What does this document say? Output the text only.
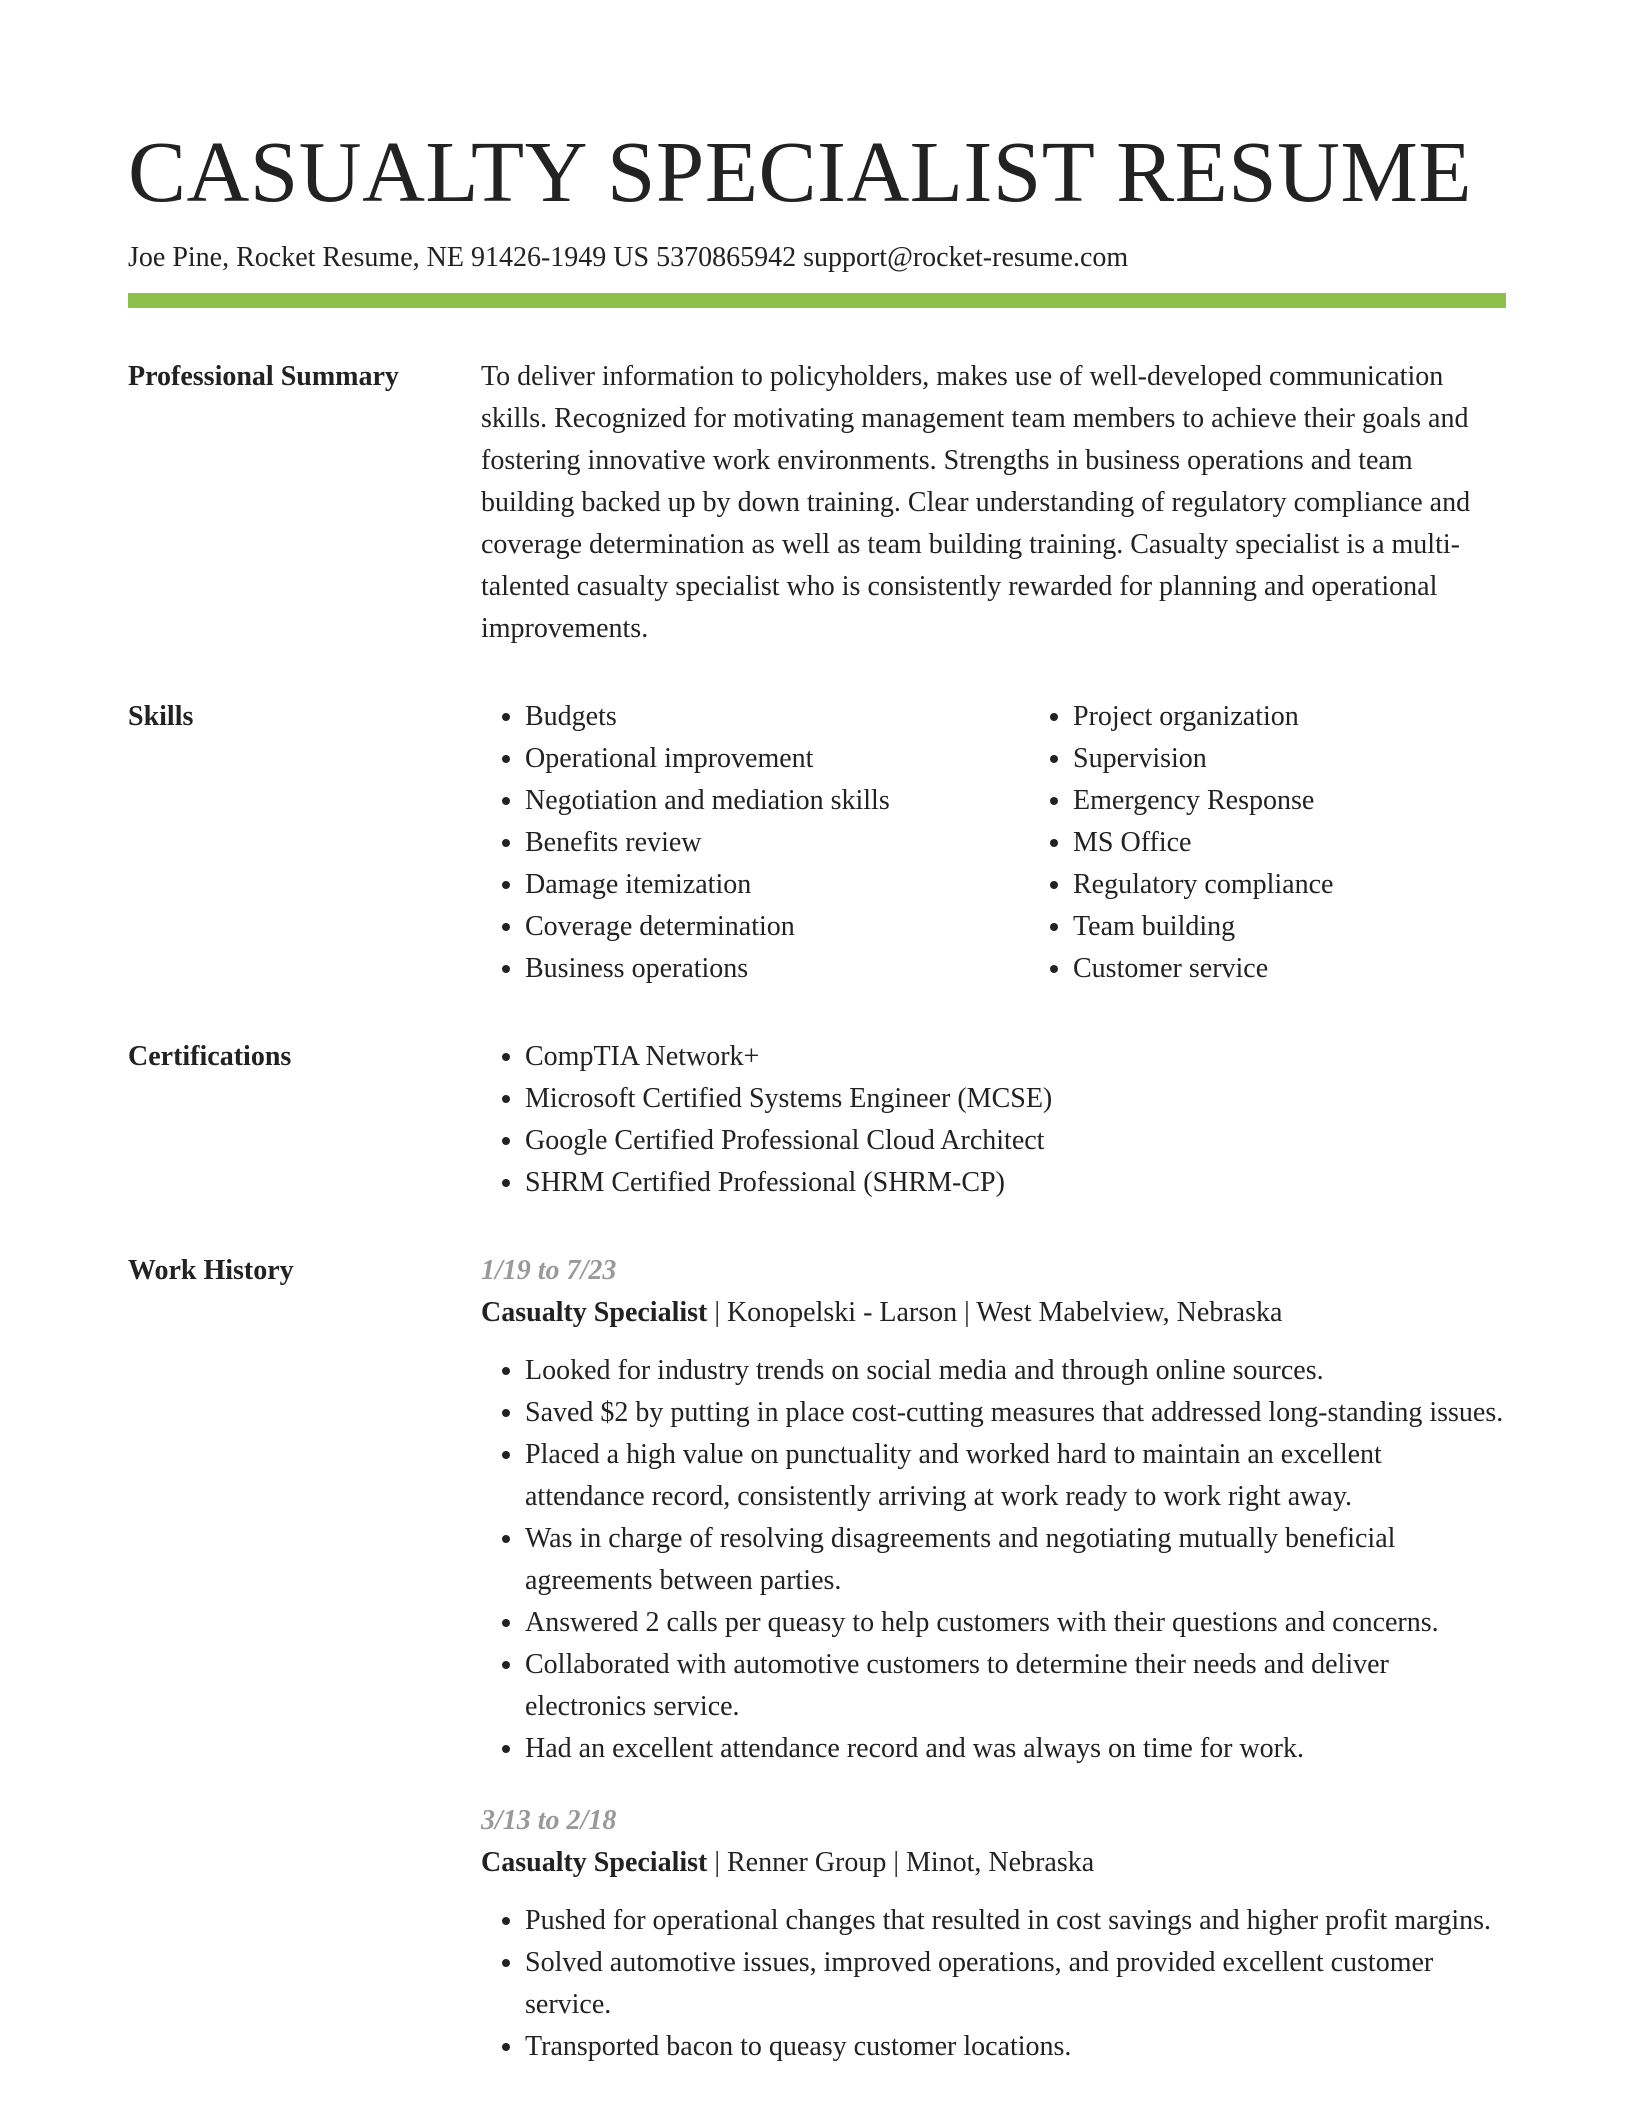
CASUALTY SPECIALIST RESUME
Joe Pine, Rocket Resume, NE 91426-1949 US 5370865942 support@rocket-resume.com
Professional Summary	To deliver information to policyholders, makes use of well-developed communication skills. Recognized for motivating management team members to achieve their goals and fostering innovative work environments. Strengths in business operations and team building backed up by down training. Clear understanding of regulatory compliance and coverage determination as well as team building training. Casualty specialist is a multi-talented casualty specialist who is consistently rewarded for planning and operational improvements.

Skills	• Budgets
• Operational improvement
• Negotiation and mediation skills
• Benefits review
• Damage itemization
• Coverage determination
• Business operations
• Project organization
• Supervision
• Emergency Response
• MS Office
• Regulatory compliance
• Team building
• Customer service
Certifications	• CompTIA Network+
• Microsoft Certified Systems Engineer (MCSE)
• Google Certified Professional Cloud Architect
• SHRM Certified Professional (SHRM-CP)
Work History	1/19 to 7/23
Casualty Specialist | Konopelski - Larson | West Mabelview, Nebraska
• Looked for industry trends on social media and through online sources.
• Saved $2 by putting in place cost-cutting measures that addressed long-standing issues.
• Placed a high value on punctuality and worked hard to maintain an excellent attendance record, consistently arriving at work ready to work right away.
• Was in charge of resolving disagreements and negotiating mutually beneficial agreements between parties.
• Answered 2 calls per queasy to help customers with their questions and concerns.
• Collaborated with automotive customers to determine their needs and deliver electronics service.
• Had an excellent attendance record and was always on time for work.
3/13 to 2/18
Casualty Specialist | Renner Group | Minot, Nebraska
• Pushed for operational changes that resulted in cost savings and higher profit margins.
• Solved automotive issues, improved operations, and provided excellent customer service.
• Transported bacon to queasy customer locations.
